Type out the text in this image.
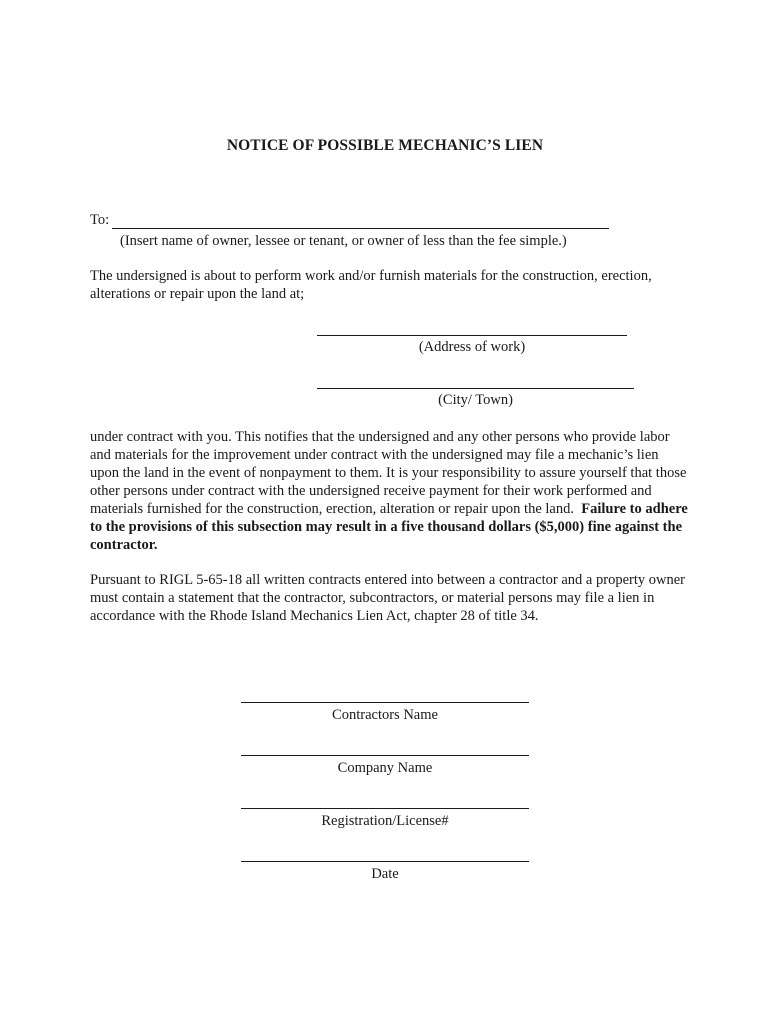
NOTICE OF POSSIBLE MECHANIC’S LIEN
To:
(Insert name of owner, lessee or tenant, or owner of less than the fee simple.)
The undersigned is about to perform work and/or furnish materials for the construction, erection, alterations or repair upon the land at;
(Address of work)
(City/ Town)
under contract with you. This notifies that the undersigned and any other persons who provide labor and materials for the improvement under contract with the undersigned may file a mechanic’s lien upon the land in the event of nonpayment to them. It is your responsibility to assure yourself that those other persons under contract with the undersigned receive payment for their work performed and materials furnished for the construction, erection, alteration or repair upon the land. Failure to adhere to the provisions of this subsection may result in a five thousand dollars ($5,000) fine against the contractor.
Pursuant to RIGL 5-65-18 all written contracts entered into between a contractor and a property owner must contain a statement that the contractor, subcontractors, or material persons may file a lien in accordance with the Rhode Island Mechanics Lien Act, chapter 28 of title 34.
Contractors Name
Company Name
Registration/License#
Date
